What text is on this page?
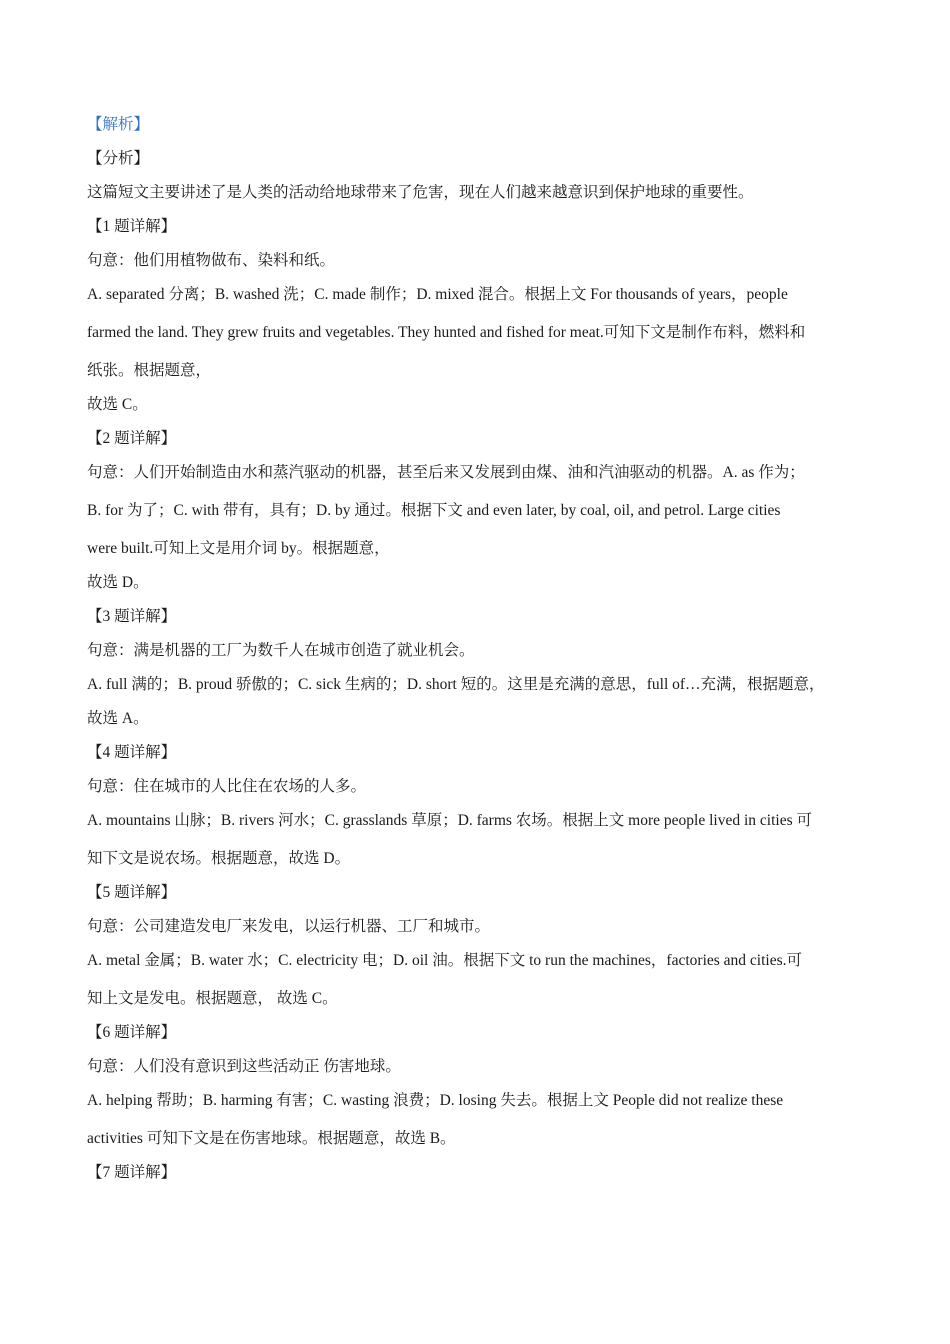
【解析】

【分析】

这篇短文主要讲述了是人类的活动给地球带来了危害，现在人们越来越意识到保护地球的重要性。

【1 题详解】

句意：他们用植物做布、染料和纸。

A. separated 分离；B. washed 洗；C. made 制作；D. mixed 混合。根据上文 For thousands of years，people
farmed the land. They grew fruits and vegetables. They hunted and fished for meat.可知下文是制作布料，燃料和
纸张。根据题意，

故选 C。

【2 题详解】

句意：人们开始制造由水和蒸汽驱动的机器，甚至后来又发展到由煤、油和汽油驱动的机器。A. as 作为；
B. for 为了；C. with 带有，具有；D. by 通过。根据下文 and even later, by coal, oil, and petrol. Large cities
were built.可知上文是用介词 by。根据题意，

故选 D。

【3 题详解】

句意：满是机器的工厂为数千人在城市创造了就业机会。

A. full 满的；B. proud 骄傲的；C. sick 生病的；D. short 短的。这里是充满的意思，full of…充满，根据题意，

故选 A。

【4 题详解】

句意：住在城市的人比住在农场的人多。

A. mountains 山脉；B. rivers 河水；C. grasslands 草原；D. farms 农场。根据上文 more people lived in cities 可
知下文是说农场。根据题意，故选 D。

【5 题详解】

句意：公司建造发电厂来发电，以运行机器、工厂和城市。

A. metal 金属；B. water 水；C. electricity 电；D. oil 油。根据下文 to run the machines，factories and cities.可
知上文是发电。根据题意， 故选 C。

【6 题详解】

句意：人们没有意识到这些活动正 伤害地球。

A. helping 帮助；B. harming 有害；C. wasting 浪费；D. losing 失去。根据上文 People did not realize these
activities 可知下文是在伤害地球。根据题意，故选 B。

【7 题详解】
